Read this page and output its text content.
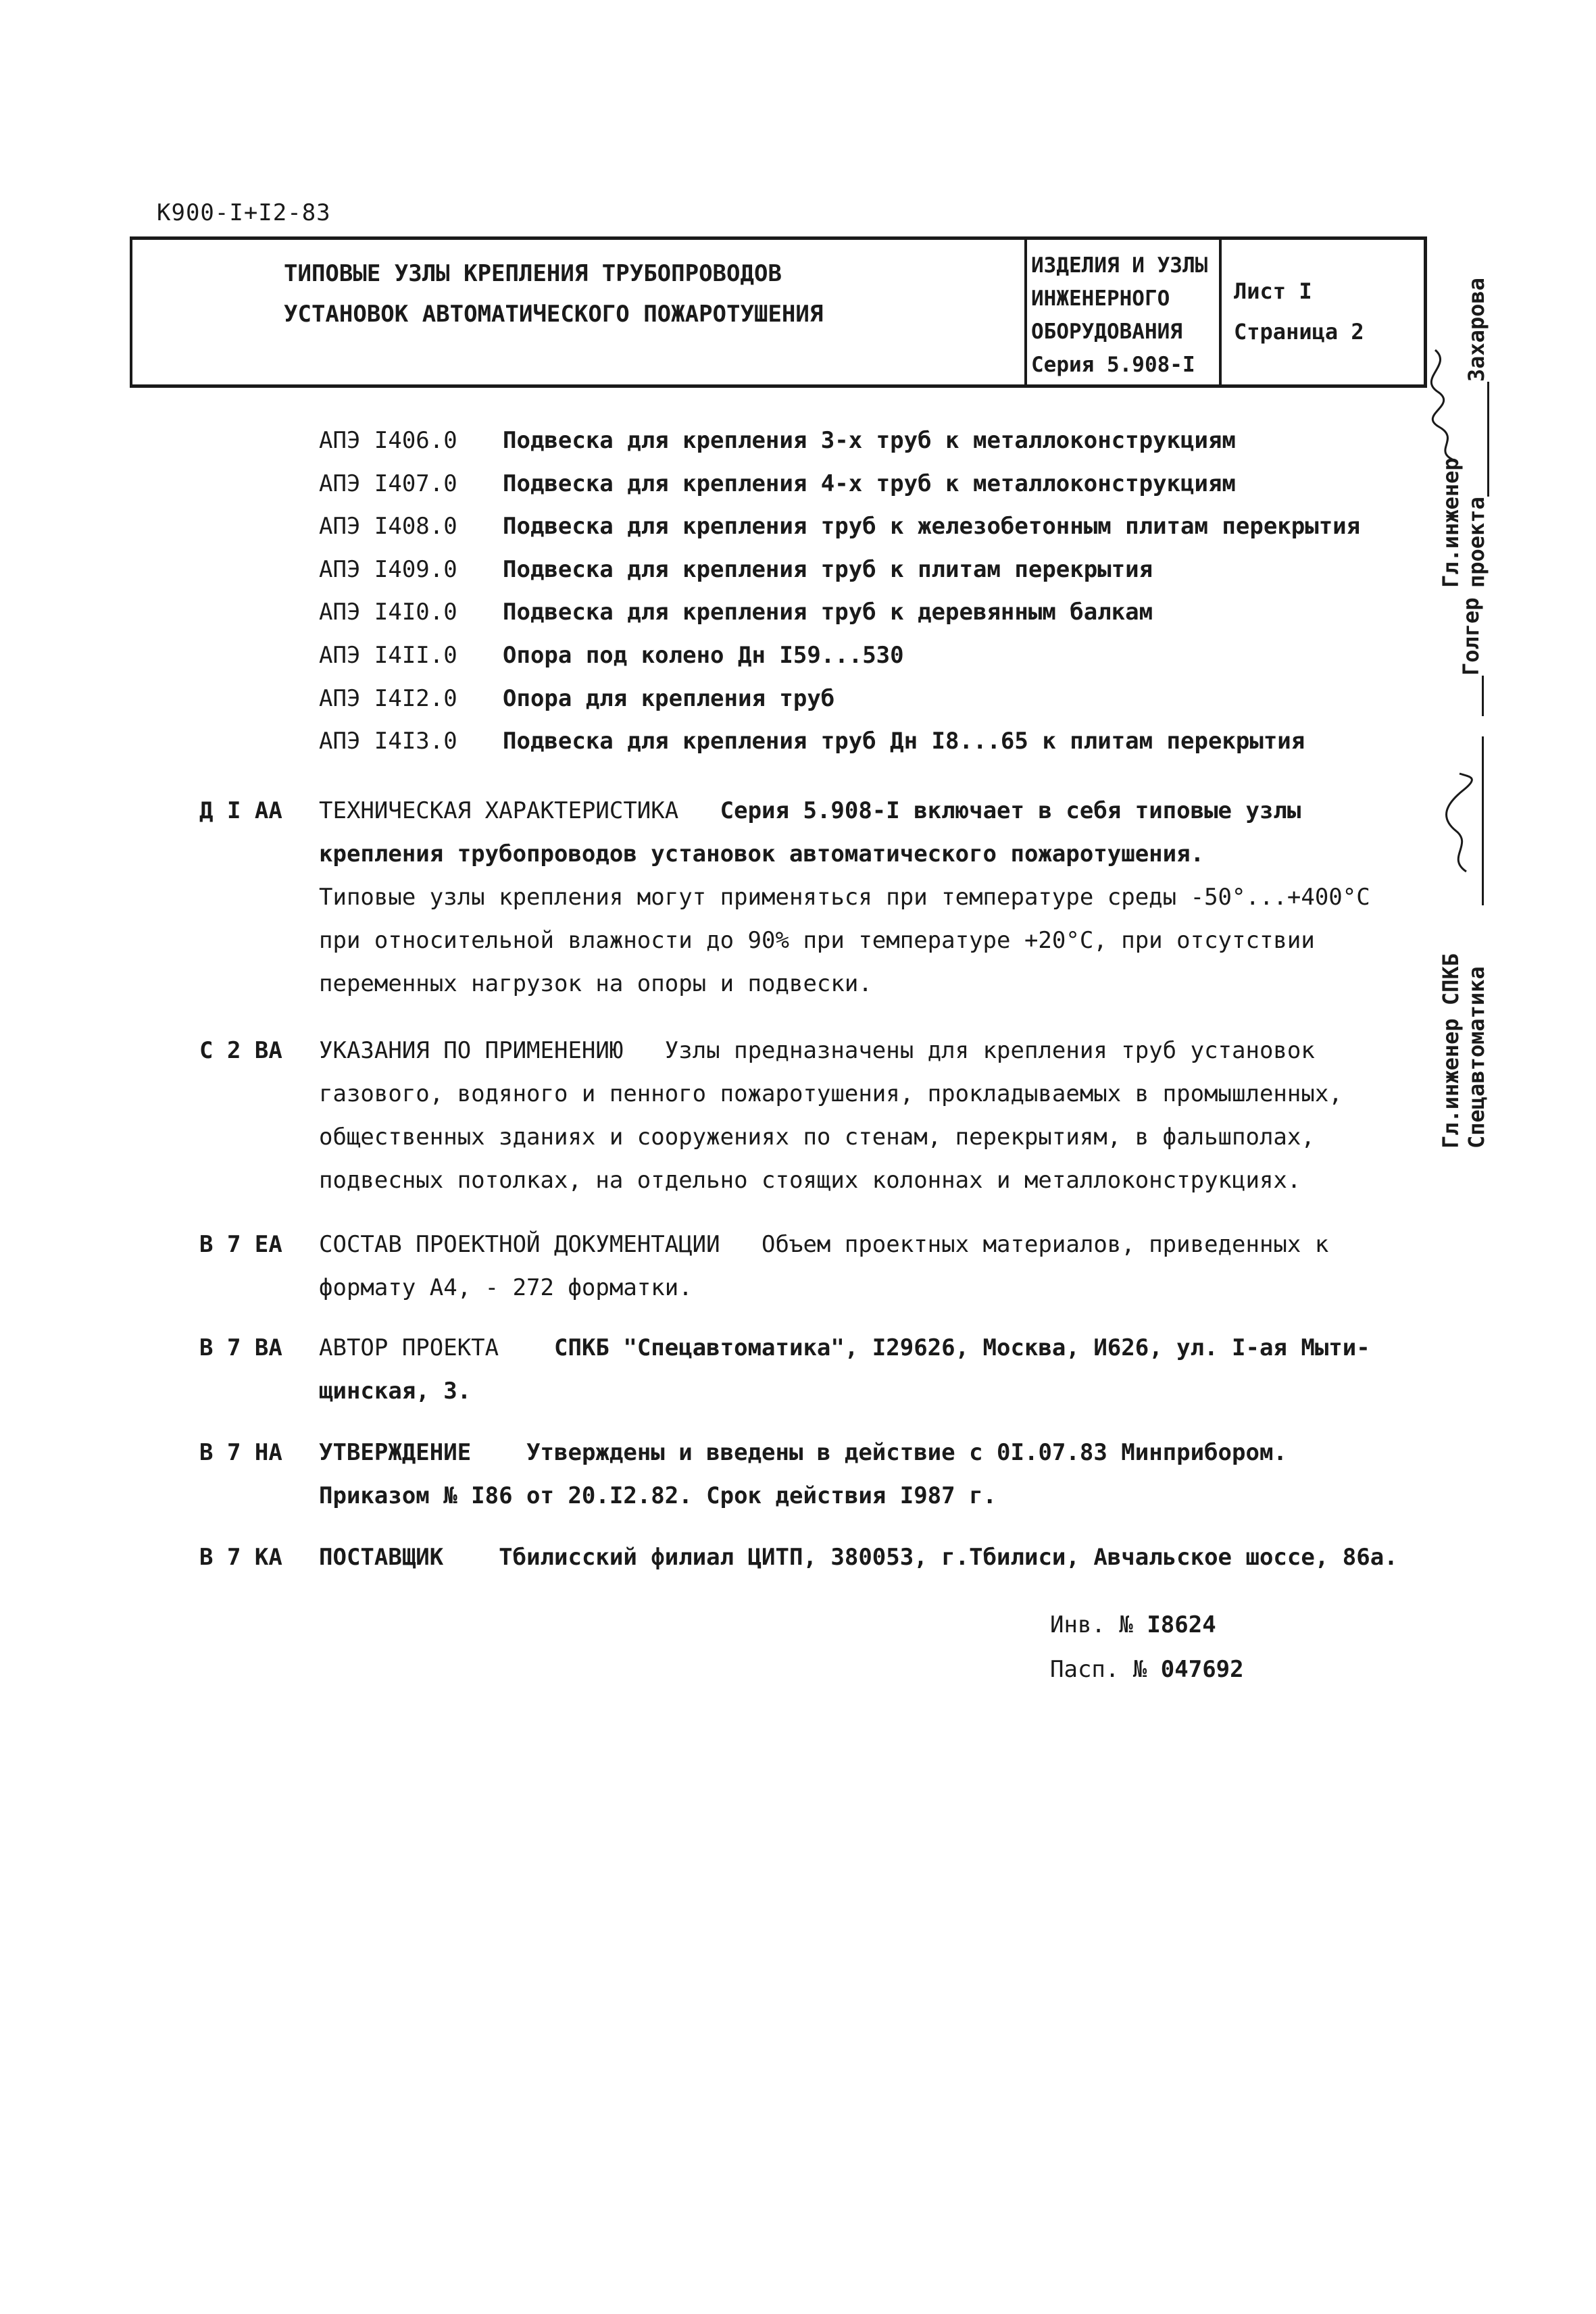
К900-I+I2-83
ТИПОВЫЕ УЗЛЫ КРЕПЛЕНИЯ ТРУБОПРОВОДОВ
УСТАНОВОК АВТОМАТИЧЕСКОГО ПОЖАРОТУШЕНИЯ
ИЗДЕЛИЯ И УЗЛЫ
ИНЖЕНЕРНОГО
ОБОРУДОВАНИЯ
Серия 5.908-I
Лист I
Страница 2
АПЭ I406.0 Подвеска для крепления 3-х труб к металлоконструкциям
АПЭ I407.0 Подвеска для крепления 4-х труб к металлоконструкциям
АПЭ I408.0 Подвеска для крепления труб к железобетонным плитам перекрытия
АПЭ I409.0 Подвеска для крепления труб к плитам перекрытия
АПЭ I4I0.0 Подвеска для крепления труб к деревянным балкам
АПЭ I4II.0 Опора под колено Дн I59...530
АПЭ I4I2.0 Опора для крепления труб
АПЭ I4I3.0 Подвеска для крепления труб Дн I8...65 к плитам перекрытия
Д I АА ТЕХНИЧЕСКАЯ ХАРАКТЕРИСТИКА Серия 5.908-I включает в себя типовые узлы
крепления трубопроводов установок автоматического пожаротушения.
Типовые узлы крепления могут применяться при температуре среды -50°...+400°С
при относительной влажности до 90% при температуре +20°С, при отсутствии
переменных нагрузок на опоры и подвески.
С 2 ВА УКАЗАНИЯ ПО ПРИМЕНЕНИЮ Узлы предназначены для крепления труб установок
газового, водяного и пенного пожаротушения, прокладываемых в промышленных,
общественных зданиях и сооружениях по стенам, перекрытиям, в фальшполах,
подвесных потолках, на отдельно стоящих колоннах и металлоконструкциях.
В 7 ЕА СОСТАВ ПРОЕКТНОЙ ДОКУМЕНТАЦИИ Объем проектных материалов, приведенных к
формату А4, - 272 форматки.
В 7 ВА АВТОР ПРОЕКТА СПКБ "Спецавтоматика", I29626, Москва, И626, ул. I-ая Мыти-
щинская, 3.
В 7 НА УТВЕРЖДЕНИЕ Утверждены и введены в действие с 0I.07.83 Минприбором.
Приказом № I86 от 20.I2.82. Срок действия I987 г.
В 7 КА ПОСТАВЩИК Тбилисский филиал ЦИТП, 380053, г.Тбилиси, Авчальское шоссе, 86а.
Инв. № I8624
Пасп. № 047692
Гл.инженер СПКБ Спецавтоматика
Голгер
Гл.инженер проектаЗахарова
